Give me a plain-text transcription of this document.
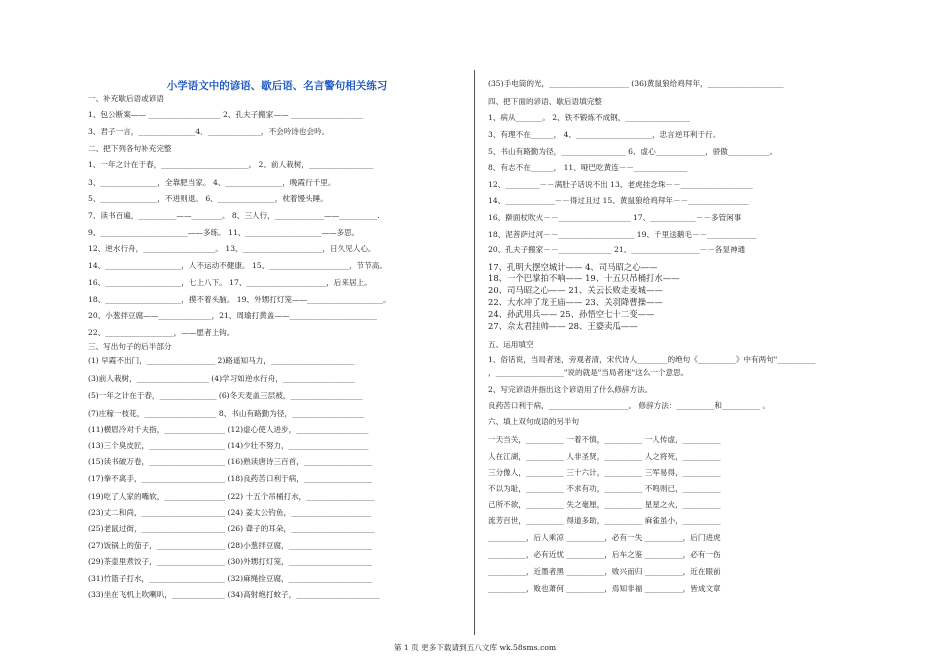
小学语文中的谚语、歇后语、名言警句相关练习
一、补充歇后语或谚语
1、包公断案—— ___________________ 2、孔夫子搬家—— ___________________
3、君子一言，_______________4．______________，不会吟诗也会吟。
二、把下列各句补充完整
1、一年之计在于春，_______________________。 2、前人栽树，_________________
3、_______________，全靠肥当家。 4、_______________，晚霞行千里。
5、_______________，不进则退。 6、_______________，枕着馒头睡。
7、读书百遍，__________——________。 8、三人行，_____________——__________.
9、_______________________——多练。 11、____________________——多思。
12、逆水行舟，___________________。 13、_____________________，日久见人心。
14、____________________，人不运动不健康。 15、_____________________，节节高。
16、____________________，七上八下。 17、_____________________，后来居上。
18、____________________，摸不着头脑。 19、外甥打灯笼——____________________。
20、小葱拌豆腐——______________，21、周瑜打黄盖——_______________________
22、__________________，——愿者上钩。
三、写出句子的后半部分
(1) 早霞不出门，__________________ 2)路遥知马力，______________________
(3)前人栽树，___________________ (4)学习如逆水行舟，___________________
(5)一年之计在于春，_______________ (6)冬天麦盖三层被，___________________
(7)庄稼一枝花，___________________ 8、书山有路勤为径，___________________
(11)横眉冷对千夫指，________________ (12)虚心使人进步，___________________
(13)三个臭皮匠，____________________ (14)少壮不努力，_____________________
(15)读书破万卷，____________________ (16)熟读唐诗三百首，__________________
(17)拳不离手，______________________ (18)良药苦口利于病，__________________
(19)吃了人家的嘴软，________________ (22) 十五个吊桶打水，__________________
(23)丈二和尚，______________________ (24) 姜太公钓鱼，_____________________
(25)老鼠过街，______________________ (26) 聋子的耳朵，______________________
(27)饭锅上的茄子，__________________ (28)小葱拌豆腐，______________________
(29)茶壶里煮饺子，__________________ (30)外甥打灯笼，______________________
(31)竹篮子打水，____________________ (32)麻绳拴豆腐，______________________
(33)坐在飞机上吹喇叭，______________ (34)高射炮打蚊子，______________________
(35)手电筒的光，_____________________ (36)黄鼠狼给鸡拜年，____________________
四、把下面的谚语、歇后语填完整
1、病从_______。 2、铁不锻炼不成钢，_________________
3、有理不在______， 4、____________________，忠言逆耳利于行。
5、书山有路勤为径，_________________ 6、虚心_____________，骄傲___________。
8、有志不在______， 11、哑巴吃黄连－－______________
12、_________－－满肚子话说不出 13、老虎挂念珠－－___________________
14、_____________－－得过且过 15、黄鼠狼给鸡拜年－－________________
16、擀面杖吹火－－___________________ 17、____________－－多管闲事
18、泥菩萨过河－－____________________ 19、千里送鹅毛－－_____________
20、孔夫子搬家－－______________ 21、__________________－－各显神通
17、孔明大摆空城计—— 4、司马昭之心——
18、一个巴掌拍不响—— 19、十五只吊桶打水——
20、司马昭之心—— 21、关云长败走麦城——
22、大水冲了龙王庙—— 23、关羽降曹操——
24、孙武用兵—— 25、孙悟空七十二变——
27、佘太君挂帅—— 28、王婆卖瓜——
五、运用填空
1、俗话说，当局者迷，旁观者清，宋代诗人________的绝句《__________》中有两句"__________
，__________________"说的就是"当局者迷"这么一个意思。
2、写完谚语并指出这个谚语用了什么修辞方法。
良药苦口利于病，_____________________。 修辞方法：__________和__________ 。
六、填上双句成语的另半句
一天当关，__________ 一着不慎，__________ 一人传虚，__________
人在江湖，__________ 人非圣贤，__________ 人之将死，__________
三分像人，__________ 三十六计，__________ 三军易得，__________
不以为耻，__________ 不求有功，__________ 不鸣则已，__________
己所不欲，__________ 失之毫厘，__________ 星星之火，__________
流芳百世，__________ 得道多助，__________ 麻雀虽小，__________
__________，后人乘凉 __________，必有一失 __________，后门进虎
__________，必有近忧 __________，后车之鉴 __________，必有一伤
__________，近墨者黑 __________，败兴而归 __________，近在眼前
__________，败也萧何 __________，焉知非福 __________，皆成文章
第 1 页 更多下载请到五八文库 wk.58sms.com
